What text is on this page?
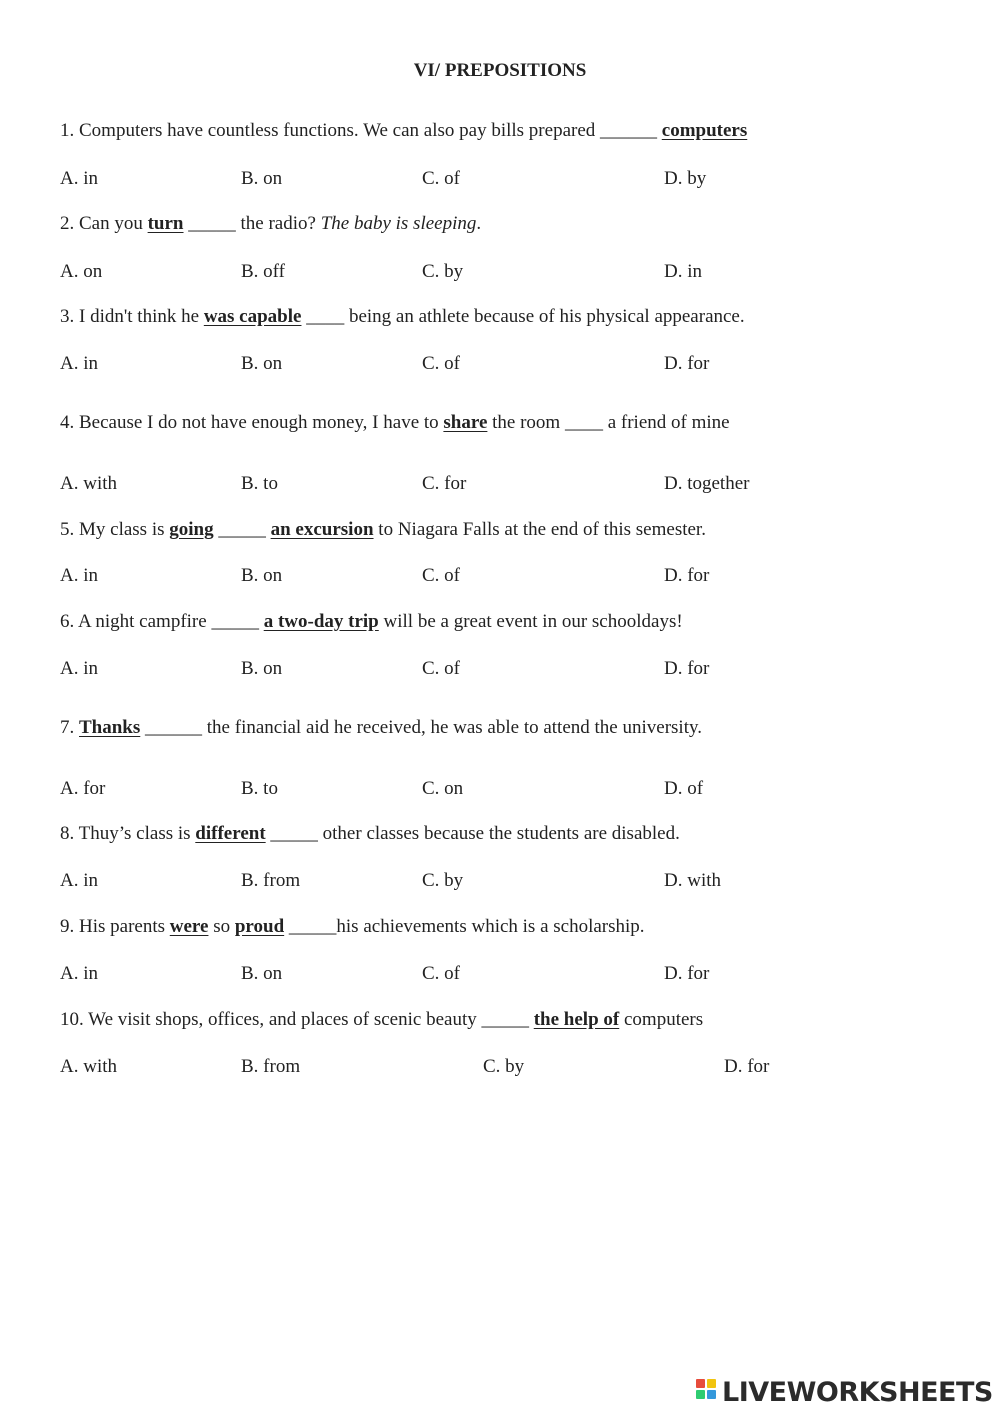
VI/ PREPOSITIONS
1. Computers have countless functions. We can also pay bills prepared ______ computers
A. in	B. on	C. of	D. by
2. Can you turn _____ the radio? The baby is sleeping.
A. on	B. off	C. by	D. in
3. I didn't think he was capable ____ being an athlete because of his physical appearance.
A. in	B. on	C. of	D. for
4. Because I do not have enough money, I have to share the room ____ a friend of mine
A. with	B. to	C. for	D. together
5. My class is going _____ an excursion to Niagara Falls at the end of this semester.
A. in	B. on	C. of	D. for
6. A night campfire _____ a two-day trip will be a great event in our schooldays!
A. in	B. on	C. of	D. for
7. Thanks ______ the financial aid he received, he was able to attend the university.
A. for	B. to	C. on	D. of
8. Thuy’s class is different _____ other classes because the students are disabled.
A. in	B. from	C. by	D. with
9. His parents were so proud _____his achievements which is a scholarship.
A. in	B. on	C. of	D. for
10. We visit shops, offices, and places of scenic beauty _____ the help of computers
A. with	B. from	C. by	D. for
LIVEWORKSHEETS
